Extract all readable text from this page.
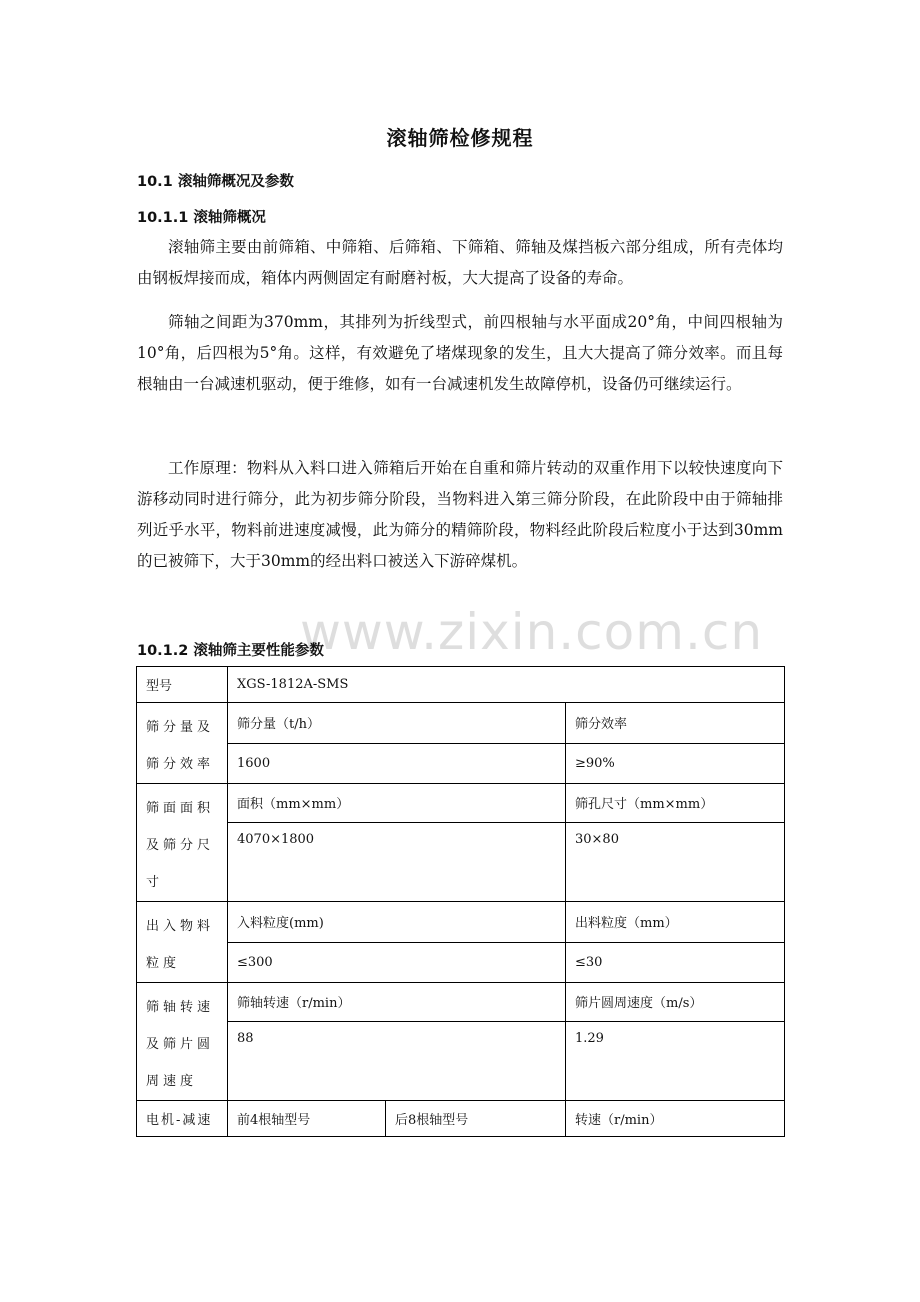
滚轴筛检修规程
10.1 滚轴筛概况及参数
10.1.1 滚轴筛概况

滚轴筛主要由前筛箱、中筛箱、后筛箱、下筛箱、筛轴及煤挡板六部分组成，所有壳体均由钢板焊接而成，箱体内两侧固定有耐磨衬板，大大提高了设备的寿命。

筛轴之间距为370mm，其排列为折线型式，前四根轴与水平面成20°角，中间四根轴为10°角，后四根为5°角。这样，有效避免了堵煤现象的发生，且大大提高了筛分效率。而且每根轴由一台减速机驱动，便于维修，如有一台减速机发生故障停机，设备仍可继续运行。

工作原理：物料从入料口进入筛箱后开始在自重和筛片转动的双重作用下以较快速度向下游移动同时进行筛分，此为初步筛分阶段，当物料进入第三筛分阶段，在此阶段中由于筛轴排列近乎水平，物料前进速度减慢，此为筛分的精筛阶段，物料经此阶段后粒度小于达到30mm的已被筛下，大于30mm的经出料口被送入下游碎煤机。

www.zixin.com.cn
10.1.2 滚轴筛主要性能参数
型号	XGS-1812A-SMS		
筛分量及筛分效率	筛分量（t/h）		筛分效率
	1600		≥90%
筛面面积及筛分尺寸	面积（mm×mm）		筛孔尺寸（mm×mm）
	4070×1800		30×80
出入物料粒度	入料粒度(mm)		出料粒度（mm）
	≤300		≤30
筛轴转速及筛片圆周速度	筛轴转速（r/min）		筛片圆周速度（m/s）
	88		1.29
电机-减速	前4根轴型号	后8根轴型号	转速（r/min）
